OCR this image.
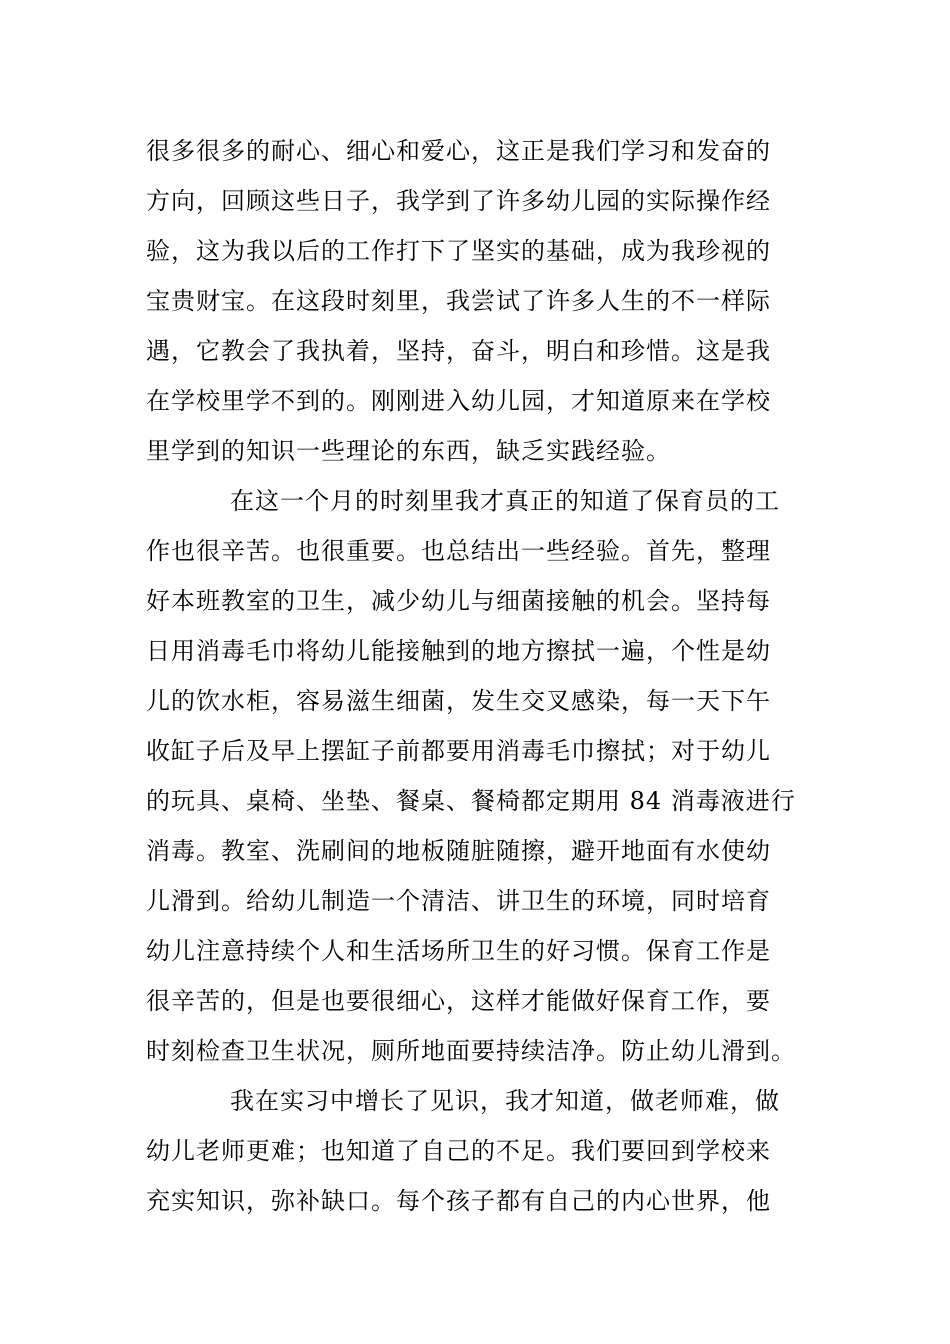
很多很多的耐心、细心和爱心，这正是我们学习和发奋的
方向，回顾这些日子，我学到了许多幼儿园的实际操作经
验，这为我以后的工作打下了坚实的基础，成为我珍视的
宝贵财宝。在这段时刻里，我尝试了许多人生的不一样际
遇，它教会了我执着，坚持，奋斗，明白和珍惜。这是我
在学校里学不到的。刚刚进入幼儿园，才知道原来在学校
里学到的知识一些理论的东西，缺乏实践经验。
在这一个月的时刻里我才真正的知道了保育员的工
作也很辛苦。也很重要。也总结出一些经验。首先，整理
好本班教室的卫生，减少幼儿与细菌接触的机会。坚持每
日用消毒毛巾将幼儿能接触到的地方擦拭一遍，个性是幼
儿的饮水柜，容易滋生细菌，发生交叉感染，每一天下午
收缸子后及早上摆缸子前都要用消毒毛巾擦拭；对于幼儿
的玩具、桌椅、坐垫、餐桌、餐椅都定期用 84 消毒液进行
消毒。教室、洗刷间的地板随脏随擦，避开地面有水使幼
儿滑到。给幼儿制造一个清洁、讲卫生的环境，同时培育
幼儿注意持续个人和生活场所卫生的好习惯。保育工作是
很辛苦的，但是也要很细心，这样才能做好保育工作，要
时刻检查卫生状况，厕所地面要持续洁净。防止幼儿滑到。
我在实习中增长了见识，我才知道，做老师难，做
幼儿老师更难；也知道了自己的不足。我们要回到学校来
充实知识，弥补缺口。每个孩子都有自己的内心世界，他
